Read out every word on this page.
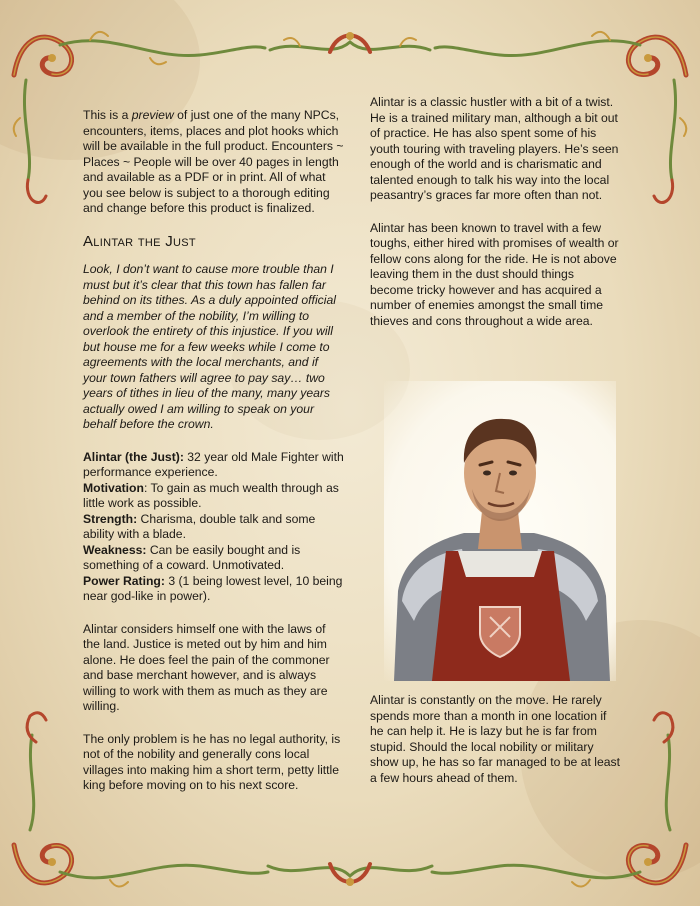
This is a preview of just one of the many NPCs, encounters, items, places and plot hooks which will be available in the full product. Encounters ~ Places ~ People will be over 40 pages in length and available as a PDF or in print. All of what you see below is subject to a thorough editing and change before this product is finalized.

Alintar the Just

Look, I don’t want to cause more trouble than I must but it’s clear that this town has fallen far behind on its tithes. As a duly appointed official and a member of the nobility, I’m willing to overlook the entirety of this injustice. If you will but house me for a few weeks while I come to agreements with the local merchants, and if your town fathers will agree to pay say… two years of tithes in lieu of the many, many years actually owed I am willing to speak on your behalf before the crown.

Alintar (the Just): 32 year old Male Fighter with performance experience.
Motivation: To gain as much wealth through as little work as possible.
Strength: Charisma, double talk and some ability with a blade.
Weakness: Can be easily bought and is something of a coward. Unmotivated.
Power Rating: 3 (1 being lowest level, 10 being near god-like in power).

Alintar considers himself one with the laws of the land. Justice is meted out by him and him alone. He does feel the pain of the commoner and base merchant however, and is always willing to work with them as much as they are willing.

The only problem is he has no legal authority, is not of the nobility and generally cons local villages into making him a short term, petty little king before moving on to his next score.

Alintar is a classic hustler with a bit of a twist. He is a trained military man, although a bit out of practice. He has also spent some of his youth touring with traveling players. He’s seen enough of the world and is charismatic and talented enough to talk his way into the local peasantry’s graces far more often than not.

Alintar has been known to travel with a few toughs, either hired with promises of wealth or fellow cons along for the ride. He is not above leaving them in the dust should things become tricky however and has acquired a number of enemies amongst the small time thieves and cons throughout a wide area.

Alintar is constantly on the move. He rarely spends more than a month in one location if he can help it. He is lazy but he is far from stupid. Should the local nobility or military show up, he has so far managed to be at least a few hours ahead of them.
